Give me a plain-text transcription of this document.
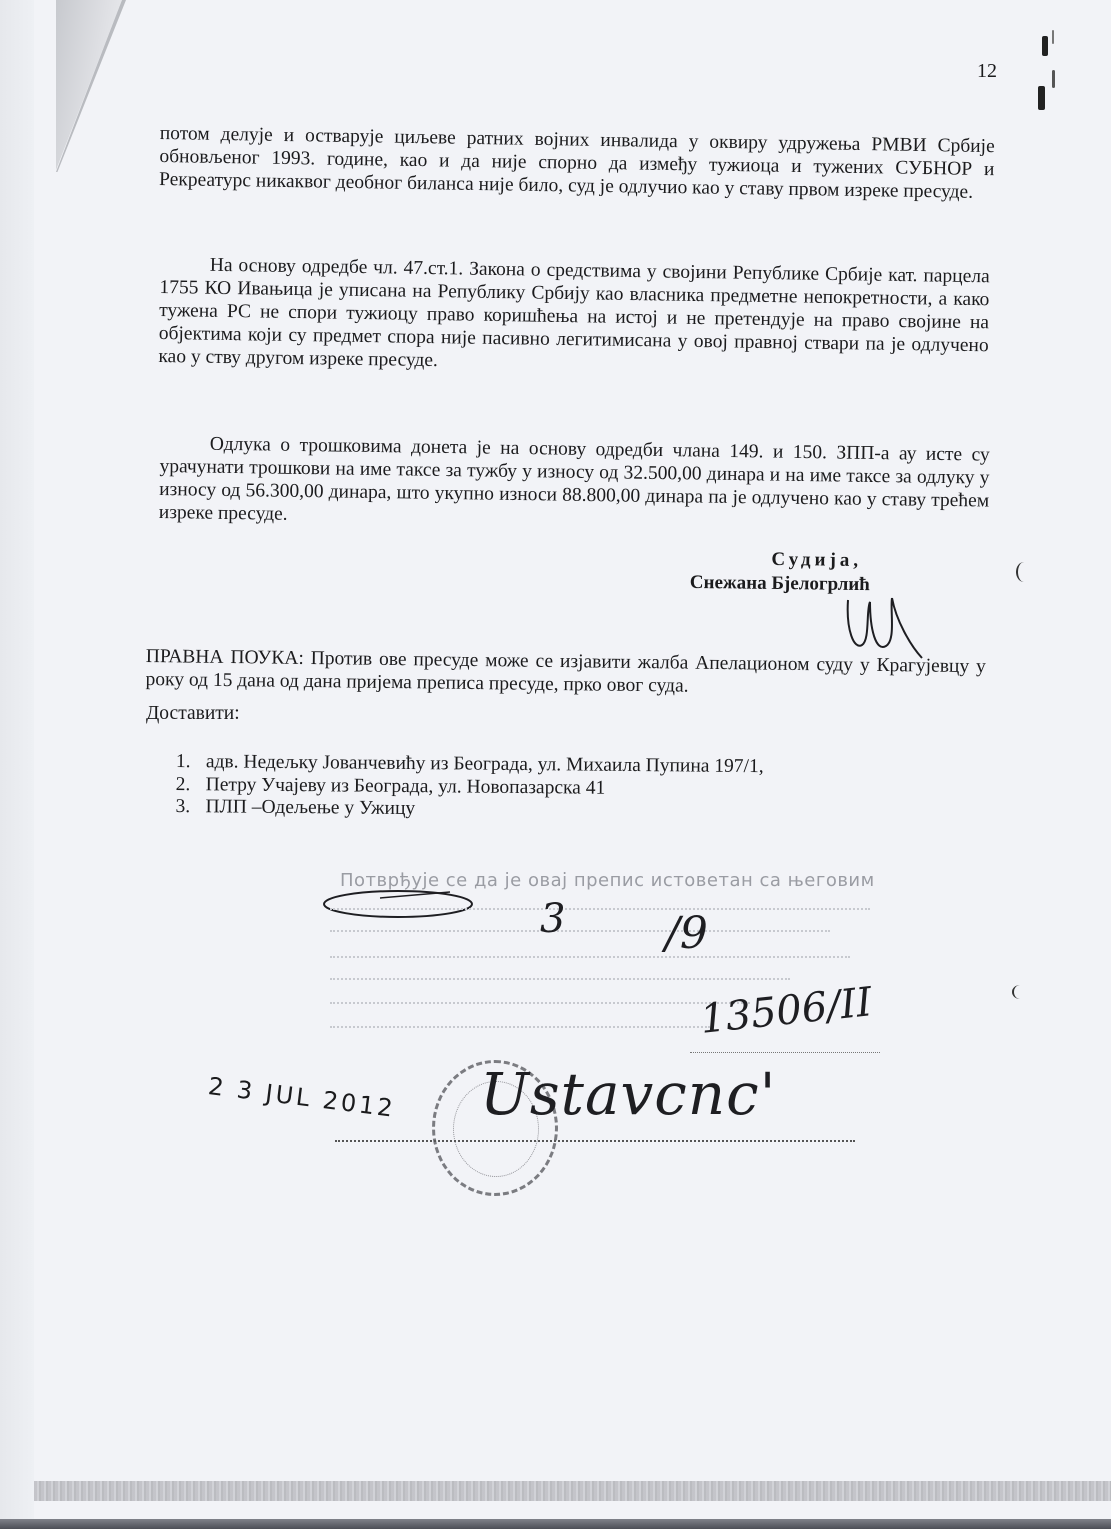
12

потом делује и остварује циљеве ратних војних инвалида у оквиру удружења РМВИ Србије обновљеног 1993. године, као и да није спорно да између тужиоца и тужених СУБНОР и Рекреатурс никаквог деобног биланса није било, суд је одлучио као у ставу првом изреке пресуде.

На основу одредбе чл. 47.ст.1. Закона о средствима у својини Републике Србије кат. парцела 1755 КО Ивањица је уписана на Републику Србију као власника предметне непокретности, а како тужена РС не спори тужиоцу право коришћења на истој и не претендује на право својине на објектима који су предмет спора није пасивно легитимисана у овој правној ствари па је одлучено као у ству другом изреке пресуде.

Одлука о трошковима донета је на основу одредби члана 149. и 150. ЗПП-а ау исте су урачунати трошкови на име таксе за тужбу у износу од 32.500,00 динара и на име таксе за одлуку у износу од 56.300,00 динара, што укупно износи 88.800,00 динара па је одлучено као у ставу трећем изреке пресуде.

Судија,
Снежана Бјелогрлић

ПРАВНА ПОУКА: Против ове пресуде може се изјавити жалба Апелационом суду у Крагујевцу у року од 15 дана од дана пријема преписа пресуде, прко овог суда.

Доставити:
1. адв. Недељку Јованчевићу из Београда, ул. Михаила Пупина 197/1,
2. Петру Учајеву из Београда, ул. Новопазарска 41
3. ПЛП –Одељење у Ужицу
Потврђује се да је овај препис истоветан са његовим
3 /9
13506/II
2 3 JUL 2012 Ustavcnc'
